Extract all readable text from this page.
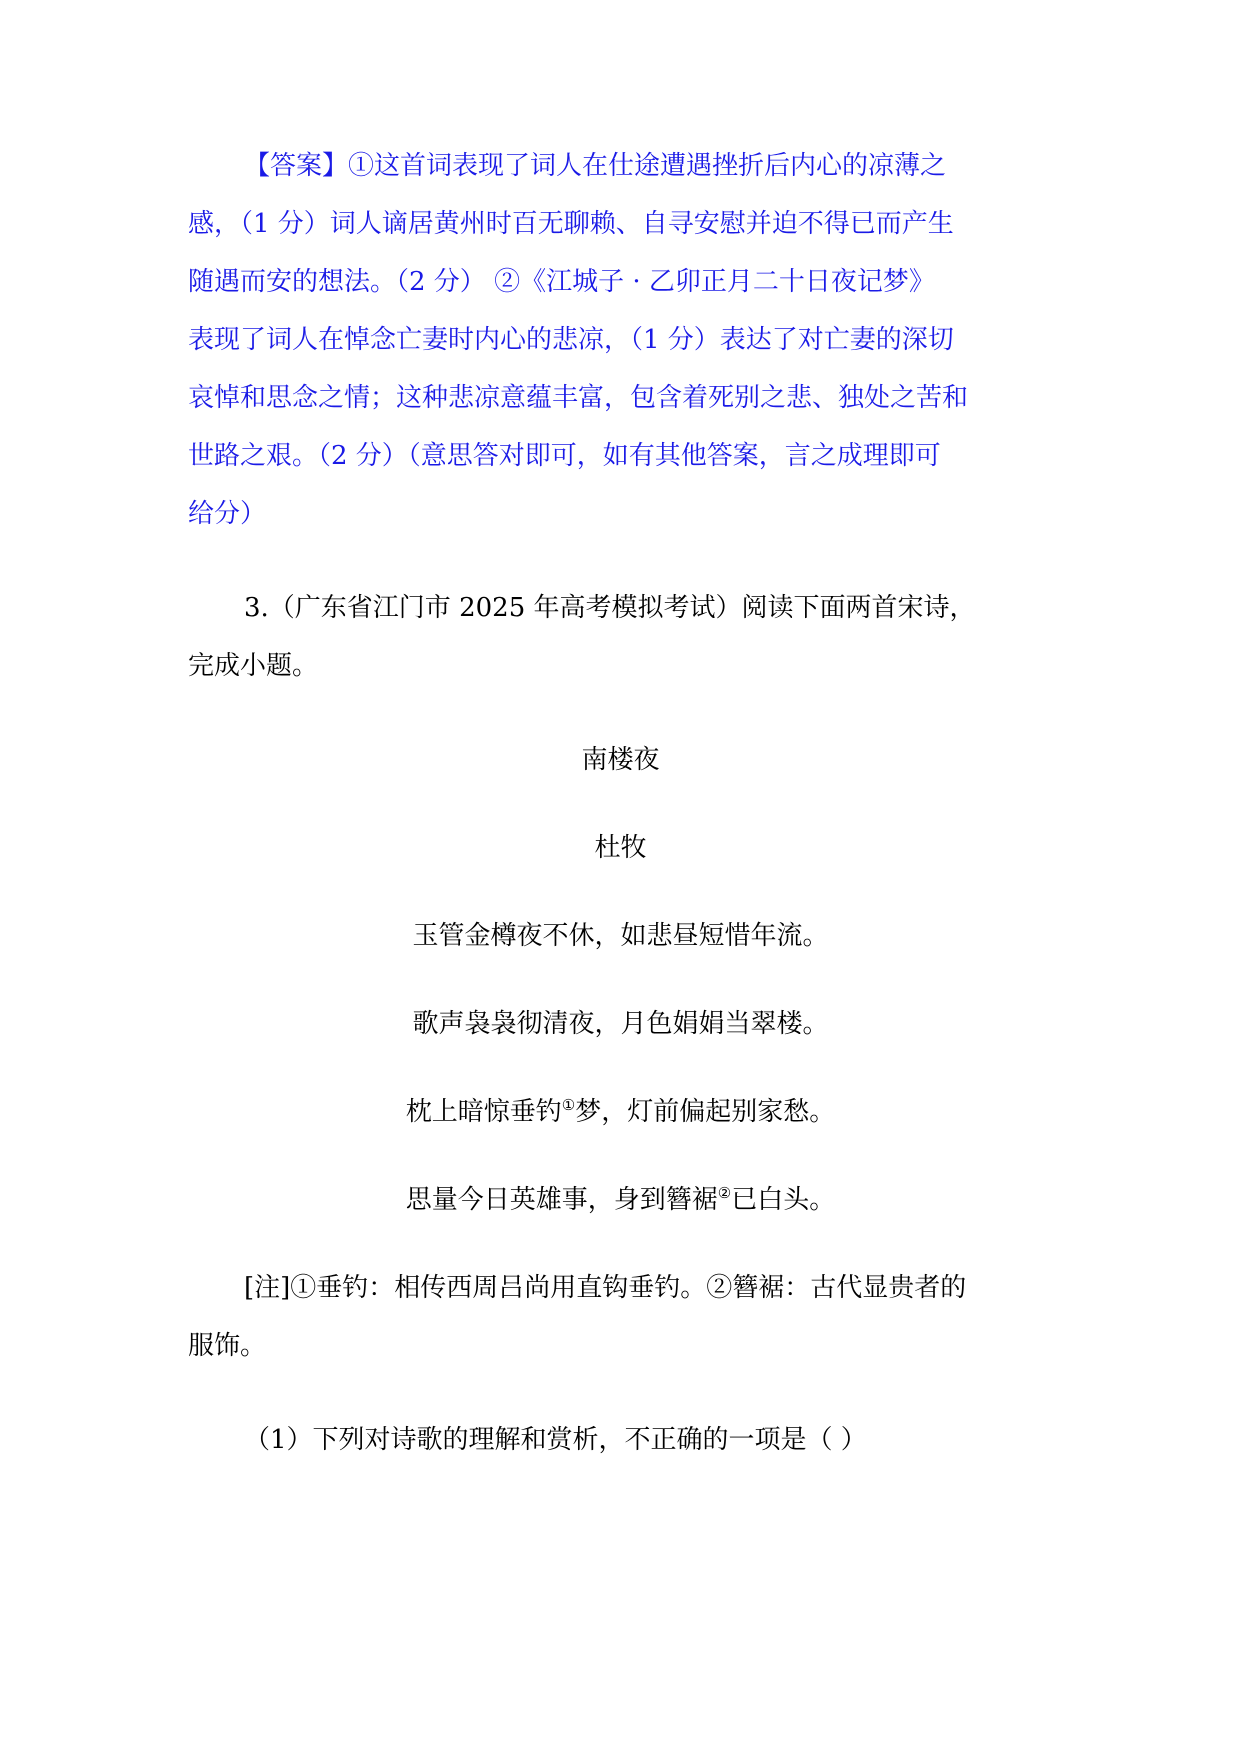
【答案】①这首词表现了词人在仕途遭遇挫折后内心的凉薄之
感，（1 分）词人谪居黄州时百无聊赖、自寻安慰并迫不得已而产生
随遇而安的想法。（2 分） ②《江城子 · 乙卯正月二十日夜记梦》
表现了词人在悼念亡妻时内心的悲凉，（1 分）表达了对亡妻的深切
哀悼和思念之情；这种悲凉意蕴丰富，包含着死别之悲、独处之苦和
世路之艰。（2 分）（意思答对即可，如有其他答案，言之成理即可
给分）
3.（广东省江门市 2025 年高考模拟考试）阅读下面两首宋诗，
完成小题。
南楼夜
杜牧
玉管金樽夜不休，如悲昼短惜年流。
歌声袅袅彻清夜，月色娟娟当翠楼。
枕上暗惊垂钓①梦，灯前偏起别家愁。
思量今日英雄事，身到簪裾②已白头。
[注]①垂钓：相传西周吕尚用直钩垂钓。②簪裾：古代显贵者的
服饰。
（1）下列对诗歌的理解和赏析，不正确的一项是（ ）
